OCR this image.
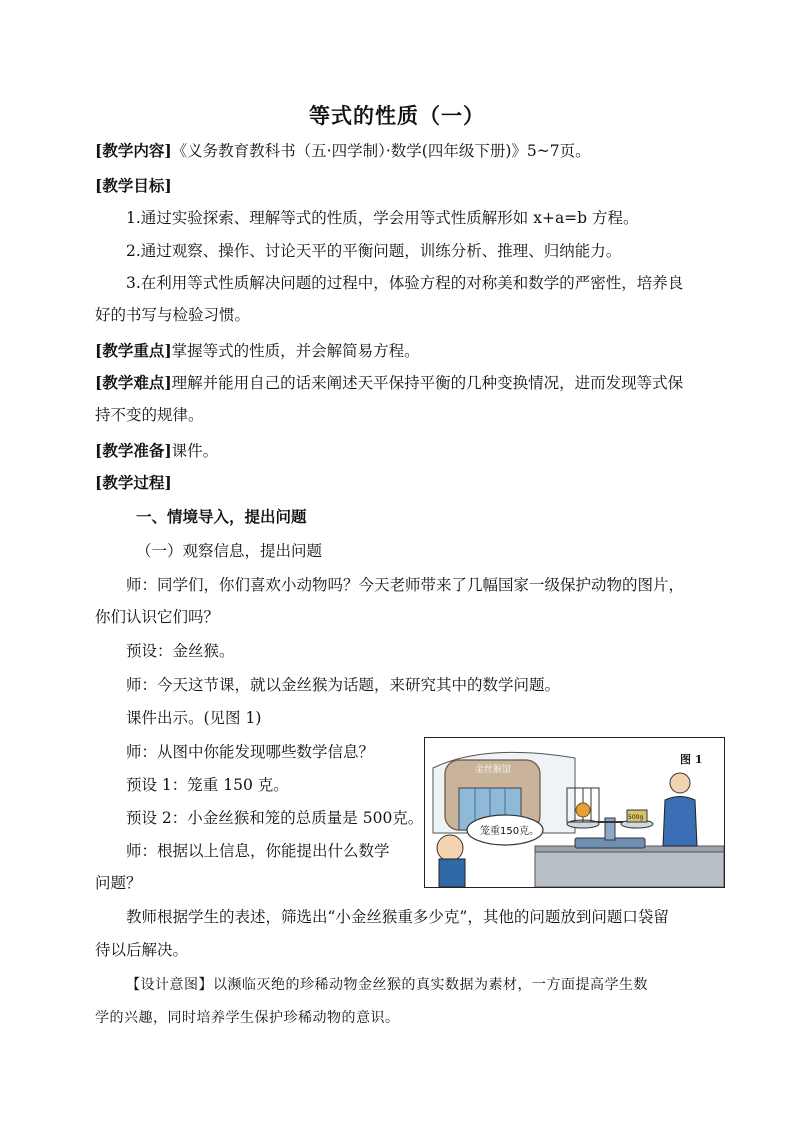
等式的性质（一）
[教学内容]《义务教育教科书（五·四学制）·数学(四年级下册)》5~7页。
[教学目标]
1.通过实验探索、理解等式的性质，学会用等式性质解形如 x+a=b 方程。
2.通过观察、操作、讨论天平的平衡问题，训练分析、推理、归纳能力。
3.在利用等式性质解决问题的过程中，体验方程的对称美和数学的严密性，培养良
好的书写与检验习惯。
[教学重点]掌握等式的性质，并会解简易方程。
[教学难点]理解并能用自己的话来阐述天平保持平衡的几种变换情况，进而发现等式保
持不变的规律。
[教学准备]课件。
[教学过程]
一、情境导入，提出问题
（一）观察信息，提出问题
师：同学们，你们喜欢小动物吗？今天老师带来了几幅国家一级保护动物的图片，
你们认识它们吗？
预设：金丝猴。
师：今天这节课，就以金丝猴为话题，来研究其中的数学问题。
课件出示。(见图 1)
师：从图中你能发现哪些数学信息？
预设 1：笼重 150 克。
预设 2：小金丝猴和笼的总质量是 500克。
师：根据以上信息，你能提出什么数学
问题？
教师根据学生的表述，筛选出“小金丝猴重多少克”，其他的问题放到问题口袋留
待以后解决。
【设计意图】以濒临灭绝的珍稀动物金丝猴的真实数据为素材，一方面提高学生数
学的兴趣，同时培养学生保护珍稀动物的意识。
金丝猴馆
图 1
500g
笼重150克。
